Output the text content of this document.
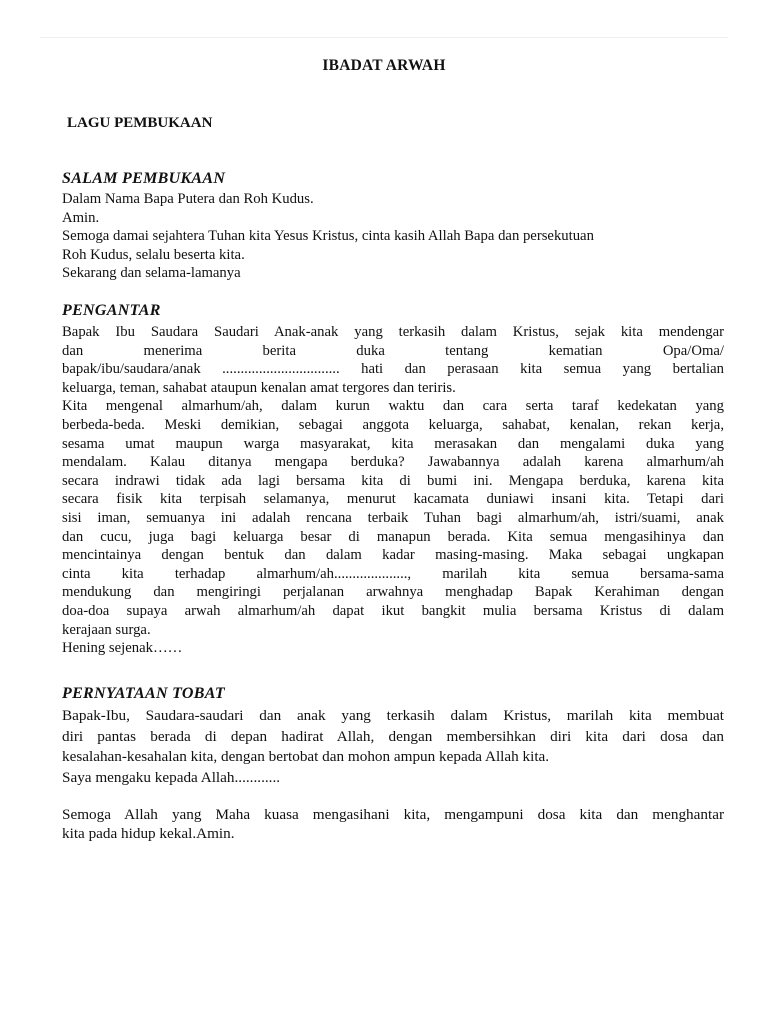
IBADAT ARWAH
LAGU PEMBUKAAN
SALAM PEMBUKAAN
Dalam Nama Bapa Putera dan Roh Kudus.
Amin.
Semoga damai sejahtera Tuhan kita Yesus Kristus, cinta kasih Allah Bapa dan persekutuan
Roh Kudus, selalu beserta kita.
Sekarang dan selama-lamanya
PENGANTAR
Bapak Ibu Saudara Saudari Anak-anak yang terkasih dalam Kristus, sejak kita mendengar
dan menerima berita duka tentang kematian Opa/Oma/
bapak/ibu/saudara/anak ................................ hati dan perasaan kita semua yang bertalian
keluarga, teman, sahabat ataupun kenalan amat tergores dan teriris.
Kita mengenal almarhum/ah, dalam kurun waktu dan cara serta taraf kedekatan yang
berbeda-beda. Meski demikian, sebagai anggota keluarga, sahabat, kenalan, rekan kerja,
sesama umat maupun warga masyarakat, kita merasakan dan mengalami duka yang
mendalam. Kalau ditanya mengapa berduka? Jawabannya adalah karena almarhum/ah
secara indrawi tidak ada lagi bersama kita di bumi ini. Mengapa berduka, karena kita
secara fisik kita terpisah selamanya, menurut kacamata duniawi insani kita. Tetapi dari
sisi iman, semuanya ini adalah rencana terbaik Tuhan bagi almarhum/ah, istri/suami, anak
dan cucu, juga bagi keluarga besar di manapun berada. Kita semua mengasihinya dan
mencintainya dengan bentuk dan dalam kadar masing-masing. Maka sebagai ungkapan
cinta kita terhadap almarhum/ah...................., marilah kita semua bersama-sama
mendukung dan mengiringi perjalanan arwahnya menghadap Bapak Kerahiman dengan
doa-doa supaya arwah almarhum/ah dapat ikut bangkit mulia bersama Kristus di dalam
kerajaan surga.
Hening sejenak……
PERNYATAAN TOBAT
Bapak-Ibu, Saudara-saudari dan anak yang terkasih dalam Kristus, marilah kita membuat
diri pantas berada di depan hadirat Allah, dengan membersihkan diri kita dari dosa dan
kesalahan-kesahalan kita, dengan bertobat dan mohon ampun kepada Allah kita.
Saya mengaku kepada Allah............
Semoga Allah yang Maha kuasa mengasihani kita, mengampuni dosa kita dan menghantar
kita pada hidup kekal.Amin.
